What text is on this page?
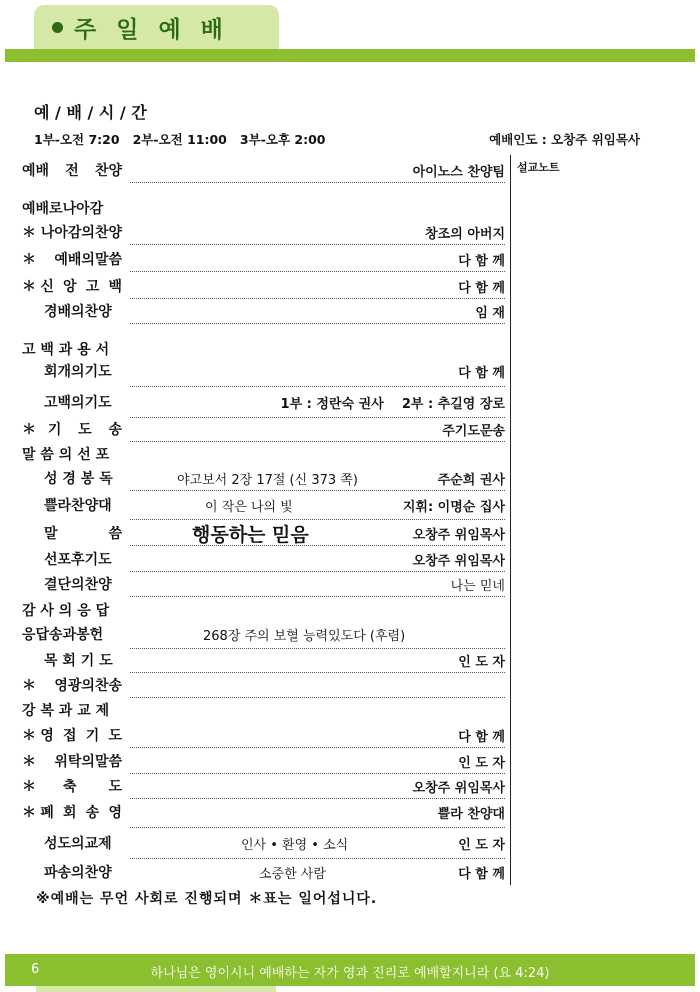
주 일 예 배
예 / 배 / 시 / 간
1부-오전 7:20   2부-오전 11:00   3부-오후 2:00	예배인도 : 오창주 위임목사
설교노트
예배 전 찬양	아이노스 찬양팀
예배로나아감
＊나아감의찬양	창조의 아버지
＊예배의말씀	다 함 께
＊신 앙 고 백	다 함 께
경배의찬양	임 재
고 백 과 용 서
회개의기도	다 함 께
고백의기도	1부 : 정란숙 권사    2부 : 추길영 장로
＊기 도 송	주기도문송
말 씀 의 선 포
성 경 봉 독	야고보서 2장 17절 (신 373 쪽)	주순희 권사
쁠라찬양대	이 작은 나의 빛	지휘: 이명순 집사
말 씀	행동하는 믿음	오창주 위임목사
선포후기도	오창주 위임목사
결단의찬양	나는 믿네
감 사 의 응 답
응답송과봉헌	268장 주의 보혈 능력있도다 (후렴)
목 회 기 도	인 도 자
＊영광의찬송
강 복 과 교 제
＊영 접 기 도	다 함 께
＊위탁의말씀	인 도 자
＊축 도	오창주 위임목사
＊폐 회 송 영	쁠라 찬양대
성도의교제	인사 • 환영 • 소식	인 도 자
파송의찬양	소중한 사람	다 함 께
※예배는 무언 사회로 진행되며 ＊표는 일어섭니다.
6	하나님은 영이시니 예배하는 자가 영과 진리로 예배할지니라 (요 4:24)
